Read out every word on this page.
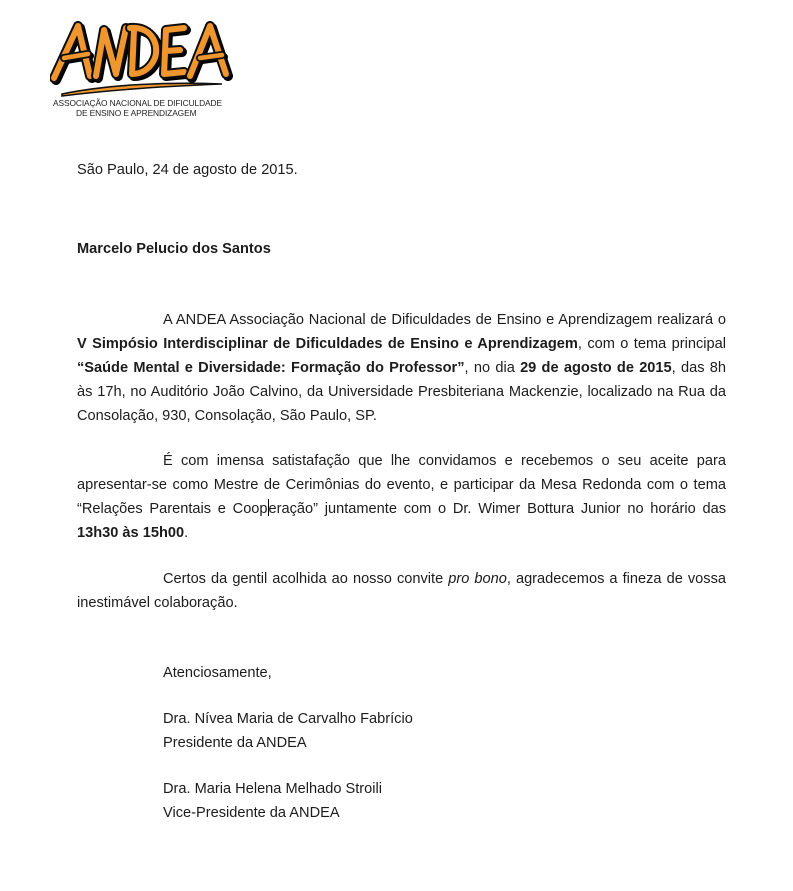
ASSOCIAÇÃO NACIONAL DE DIFICULDADE
DE ENSINO E APRENDIZAGEM
São Paulo, 24 de agosto de 2015.
Marcelo Pelucio dos Santos
A ANDEA Associação Nacional de Dificuldades de Ensino e Aprendizagem realizará o V Simpósio Interdisciplinar de Dificuldades de Ensino e Aprendizagem, com o tema principal “Saúde Mental e Diversidade: Formação do Professor”, no dia 29 de agosto de 2015, das 8h às 17h, no Auditório João Calvino, da Universidade Presbiteriana Mackenzie, localizado na Rua da Consolação, 930, Consolação, São Paulo, SP.
É com imensa satistafação que lhe convidamos e recebemos o seu aceite para apresentar-se como Mestre de Cerimônias do evento, e participar da Mesa Redonda com o tema “Relações Parentais e Cooperação” juntamente com o Dr. Wimer Bottura Junior no horário das 13h30 às 15h00.
Certos da gentil acolhida ao nosso convite pro bono, agradecemos a fineza de vossa inestimável colaboração.
Atenciosamente,
Dra. Nívea Maria de Carvalho Fabrício
Presidente da ANDEA
Dra. Maria Helena Melhado Stroili
Vice-Presidente da ANDEA
